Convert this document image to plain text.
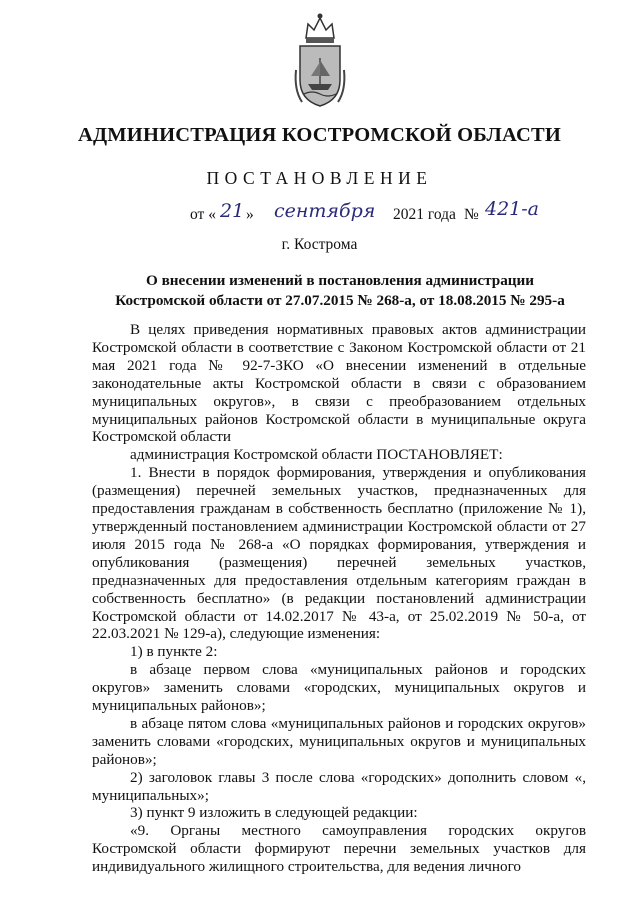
АДМИНИСТРАЦИЯ КОСТРОМСКОЙ ОБЛАСТИ
ПОСТАНОВЛЕНИЕ
от « 21 » сентября 2021 года № 421-а
г. Кострома
О внесении изменений в постановления администрации
Костромской области от 27.07.2015 № 268-а, от 18.08.2015 № 295-а

В целях приведения нормативных правовых актов администрации Костромской области в соответствие с Законом Костромской области от 21 мая 2021 года № 92-7-ЗКО «О внесении изменений в отдельные законодательные акты Костромской области в связи с образованием муниципальных округов», в связи с преобразованием отдельных муниципальных районов Костромской области в муниципальные округа Костромской области

администрация Костромской области ПОСТАНОВЛЯЕТ:

1. Внести в порядок формирования, утверждения и опубликования (размещения) перечней земельных участков, предназначенных для предоставления гражданам в собственность бесплатно (приложение № 1), утвержденный постановлением администрации Костромской области от 27 июля 2015 года № 268-а «О порядках формирования, утверждения и опубликования (размещения) перечней земельных участков, предназначенных для предоставления отдельным категориям граждан в собственность бесплатно» (в редакции постановлений администрации Костромской области от 14.02.2017 № 43-а, от 25.02.2019 № 50-а, от 22.03.2021 № 129-а), следующие изменения:

1) в пункте 2:

в абзаце первом слова «муниципальных районов и городских округов» заменить словами «городских, муниципальных округов и муниципальных районов»;

в абзаце пятом слова «муниципальных районов и городских округов» заменить словами «городских, муниципальных округов и муниципальных районов»;

2) заголовок главы 3 после слова «городских» дополнить словом «, муниципальных»;

3) пункт 9 изложить в следующей редакции:

«9. Органы местного самоуправления городских округов Костромской области формируют перечни земельных участков для индивидуального жилищного строительства, для ведения личного
